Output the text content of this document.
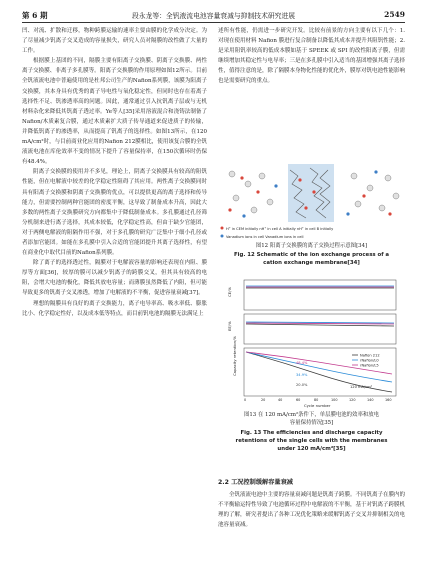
第 6 期	段永龙等：全钒液流电池容量衰减与抑制技术研究进展	2549

凹、对流、扩散和迁移，物种跨膜运输的速率主要由膜的化学成分决定。为了尽量减少钒离子交叉造成的容量损失，研究人员对隔膜的改性做了大量的工作。

根据膜上基团的不同，隔膜主要有阳离子交换膜、阴离子交换膜、两性离子交换膜、非离子多孔膜等。阳离子交换膜的作用原理如图12所示。目前全钒液流电池中普遍使用的是杜邦公司生产的Nafion系列膜，该膜为阳离子交换膜，其本身具有优秀的离子导电性与氧化稳定性，但同时也存在着离子选择性不足、钒渗透率高的问题。因此，通常通过引入抗钒离子层或与无机材料杂化来降低其钒离子透过率。Ye等人[35]采用溶液混合和浇铸法制备了Nafion/木质素复合膜，通过木质素扩大质子传导通道来促进质子的传输，并降低钒离子的渗透率，从而提高了钒离子的选择性。如图13所示，在120 mA/cm²时，与目前商业化应用的Nafion 212膜相比，使用该复合膜的全钒液流电池在库伦效率不变的情况下提升了容量保持率，在150次循环时仍保有48.4%。

阴离子交换膜的使用并不多见，理论上，阴离子交换膜具有较高的阻钒性能，但在电解液中较差的化学稳定性阻碍了其应用。两性离子交换膜同时具有阳离子交换膜和阴离子交换膜的优点，可以提供更高的离子选择和传导能力，但需要控制两种官能团的密度平衡，这导致了制备成本升高，因此大多数的两性离子交换膜研究方向都集中于降低制备成本。多孔膜通过孔径筛分机制来进行离子选择，其成本较低，化学稳定性高，但由于缺少官能团，对于两侧电解液的阻隔作用不强，对于多孔膜的研究广泛集中于细小孔径或者添加官能团。如能在多孔膜中引入合适的官能团提升其离子选择性，有望在商业化中取代目前的Nafion系列膜。

除了离子的选择透过性，隔膜对于电解液容量的影响还表现在内阻、膜厚等方面[36]，较厚的膜可以减少钒离子的跨膜交叉，但其具有较高的电阻，会增大电池的极化，降低其放电容量；而薄膜虽然降低了内阻，但可能导致更多的钒离子交叉渗透，增加了电解液的不平衡，促进容量衰减[37]。

理想的隔膜具有良好的离子交换能力，离子电导率高、吸水率低、膨胀比小、化学稳定性好，以及成本低等特点，而目前钒电池的隔膜无法满足上

述所有性能，仍需进一步研究开发。比较有前景的方向主要有以下几个：1. 对现在使用材料 Nafion 膜进行复合制备以降低其成本并提升其阻钒性能；2. 是采用阻钒率较高的低成本膜如基于 SPEEK 或 SPI 的改性阳离子膜，但需继续增加其稳定性与电导率；三是在多孔膜中引入适当的基团增强其离子选择性，值得注意的是，除了隔膜本身物化性能的优化外，膜厚对钒电池性能影响也是需要研究的重点。

H⁺ in CEM initially nH⁺ in cell A initially nH⁺ in cell B initially
Vanadium ions in cell Vanadium ions in cell
图12 阳离子交换膜的离子交换过程示意图[34]
Fig. 12 Schematic of the ion exchange process of a
cation exchange membrane[34]
CE/%
EE/%
Capacity retention/%	48.4%
34.9%
20.0%
Nafion 212
rNafion/L0
rNafion/L5
120 mA/cm²
0	20	40	60	80	100	120	140	160
Cycle number
图13 在 120 mA/cm²条件下，单层膜电池的效率和放电
容量保持情况[35]
Fig. 13 The efficiencies and discharge capacity
retentions of the single cells with the membranes
under 120 mA/cm²[35]
2.2 工况控制缓解容量衰减

全钒液流电池中主要的容量衰减问题是钒离子跨膜。不同钒离子在膜内的不平衡输运特性导致了电池循环过程中电解液的不平衡，基于对钒离子跨膜机理的了解，研究者提出了各种工况优化策略来缓解钒离子交叉并抑制相关的电池容量衰减。
